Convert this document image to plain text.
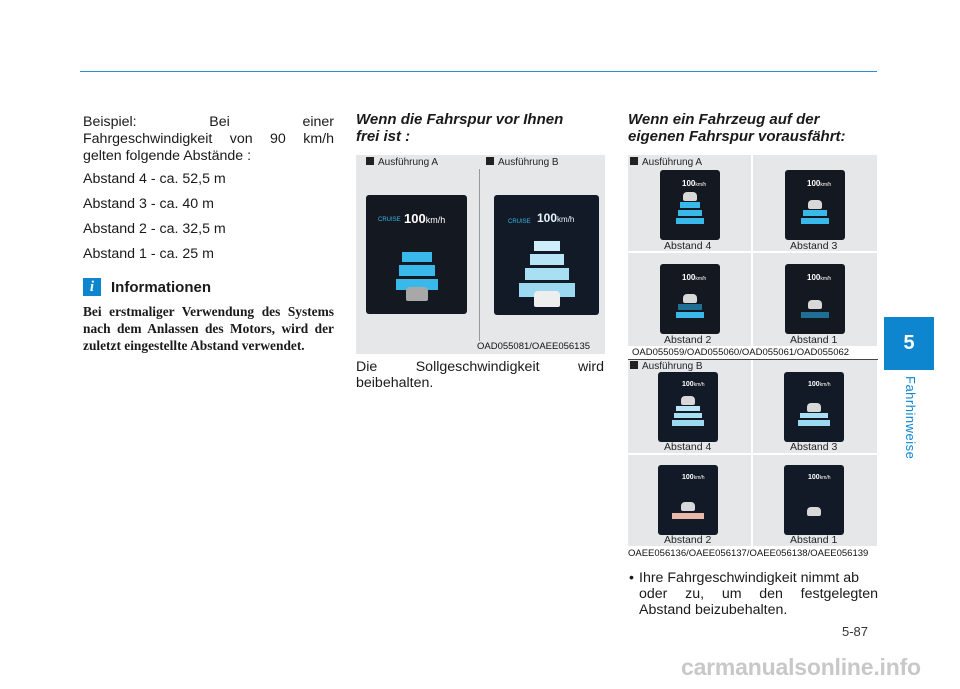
5
Fahrhinweise
Beispiel:	Bei	einer
Fahrgeschwindigkeit von 90 km/h gelten folgende Abstände :
Abstand 4 - ca. 52,5 m
Abstand 3 - ca. 40 m
Abstand 2 - ca. 32,5 m
Abstand 1 - ca. 25 m
i	Informationen
Bei erstmaliger Verwendung des Systems nach dem Anlassen des Motors, wird der zuletzt eingestellte Abstand verwendet.
Wenn die Fahrspur vor Ihnen
frei ist :
Ausführung A	Ausführung B
CRUISE 100km/h	CRUISE 100km/h
OAD055081/OAEE056135
Die	Sollgeschwindigkeit	wird
beibehalten.
Wenn ein Fahrzeug auf der
eigenen Fahrspur vorausfährt:
Ausführung A
100km/h
Abstand 4
100km/h
Abstand 3
100km/h
Abstand 2
100km/h
Abstand 1
OAD055059/OAD055060/OAD055061/OAD055062
Ausführung B
100km/h
Abstand 4
100km/h
Abstand 3
100km/h
Abstand 2
100km/h
Abstand 1
OAEE056136/OAEE056137/OAEE056138/OAEE056139
• Ihre Fahrgeschwindigkeit nimmt ab
oder zu, um den festgelegten
Abstand beizubehalten.
5-87
carmanualsonline.info
